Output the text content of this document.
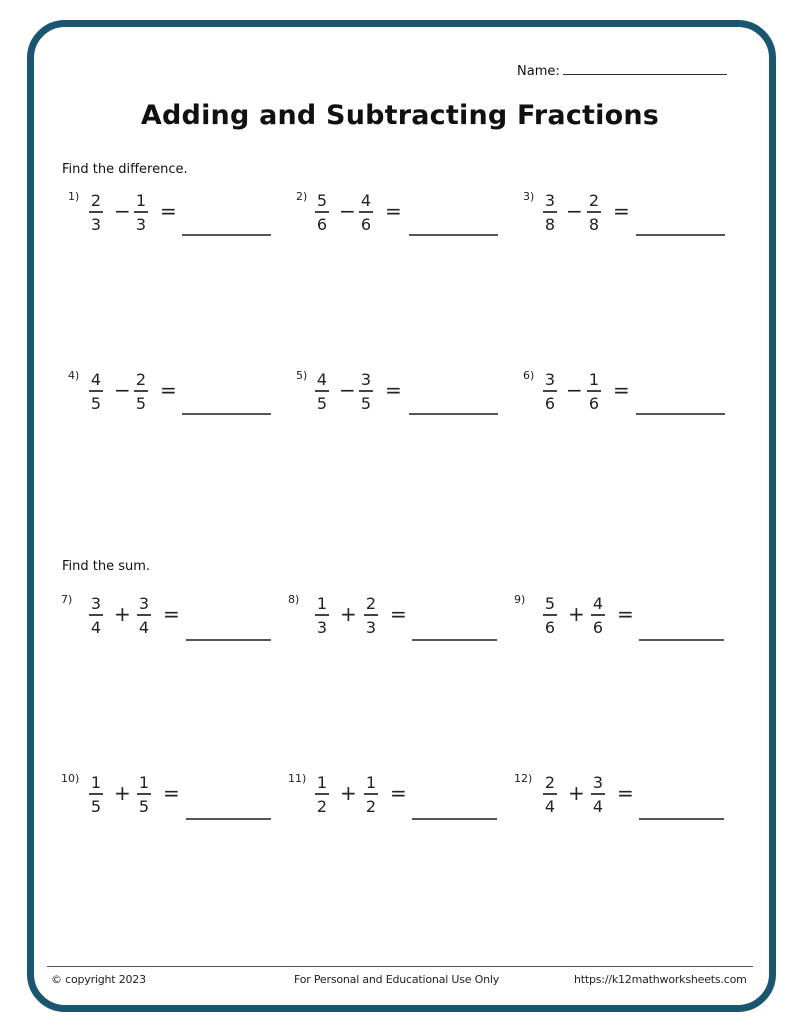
Name:
Adding and Subtracting Fractions
Find the difference.
1) 2
3
− 1
3
=
2) 5
6
− 4
6
=
3) 3
8
− 2
8
=
4) 4
5
− 2
5
=
5) 4
5
− 3
5
=
6) 3
6
− 1
6
=
Find the sum.
7) 3
4
+ 3
4
=
8) 1
3
+ 2
3
=
9) 5
6
+ 4
6
=
10) 1
5
+ 1
5
=
11) 1
2
+ 1
2
=
12) 2
4
+ 3
4
=
© copyright 2023	For Personal and Educational Use Only	https://k12mathworksheets.com
